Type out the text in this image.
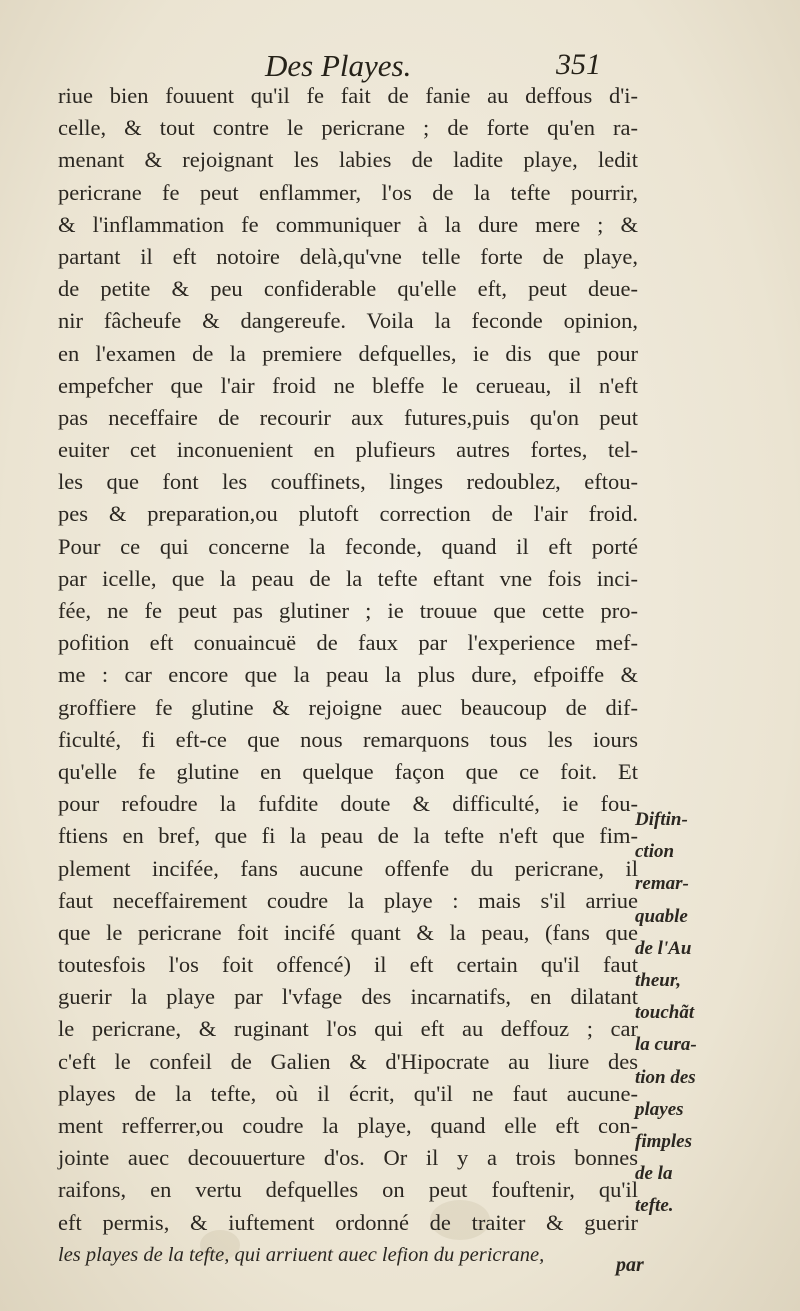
Des Playes.	351
riue bien fouuent qu'il fe fait de fanie au deffous d'i-
celle, & tout contre le pericrane ; de forte qu'en ra-
menant & rejoignant les labies de ladite playe, ledit
pericrane fe peut enflammer, l'os de la tefte pourrir,
& l'inflammation fe communiquer à la dure mere ; &
partant il eft notoire delà,qu'vne telle forte de playe,
de petite & peu confiderable qu'elle eft, peut deue-
nir fâcheufe & dangereufe. Voila la feconde opinion,
en l'examen de la premiere defquelles, ie dis que pour
empefcher que l'air froid ne bleffe le cerueau, il n'eft
pas neceffaire de recourir aux futures,puis qu'on peut
euiter cet inconuenient en plufieurs autres fortes, tel-
les que font les couffinets, linges redoublez, eftou-
pes & preparation,ou plutoft correction de l'air froid.
Pour ce qui concerne la feconde, quand il eft porté
par icelle, que la peau de la tefte eftant vne fois inci-
fée, ne fe peut pas glutiner ; ie trouue que cette pro-
pofition eft conuaincuë de faux par l'experience mef-
me : car encore que la peau la plus dure, efpoiffe &
groffiere fe glutine & rejoigne auec beaucoup de dif-
ficulté, fi eft-ce que nous remarquons tous les iours
qu'elle fe glutine en quelque façon que ce foit. Et
pour refoudre la fufdite doute & difficulté, ie fou-
ftiens en bref, que fi la peau de la tefte n'eft que fim-
plement incifée, fans aucune offenfe du pericrane, il
faut neceffairement coudre la playe : mais s'il arriue
que le pericrane foit incifé quant & la peau, (fans que
toutesfois l'os foit offencé) il eft certain qu'il faut
guerir la playe par l'vfage des incarnatifs, en dilatant
le pericrane, & ruginant l'os qui eft au deffouz ; car
c'eft le confeil de Galien & d'Hipocrate au liure des
playes de la tefte, où il écrit, qu'il ne faut aucune-
ment refferrer,ou coudre la playe, quand elle eft con-
jointe auec decouuerture d'os. Or il y a trois bonnes
raifons, en vertu defquelles on peut fouftenir, qu'il
eft permis, & iuftement ordonné de traiter & guerir
les playes de la tefte, qui arriuent auec lefion du pericrane,
Diftin-
ction
remar-
quable
de l'Au
theur,
touchãt
la cura-
tion des
playes
fimples
de la
tefte.
par
